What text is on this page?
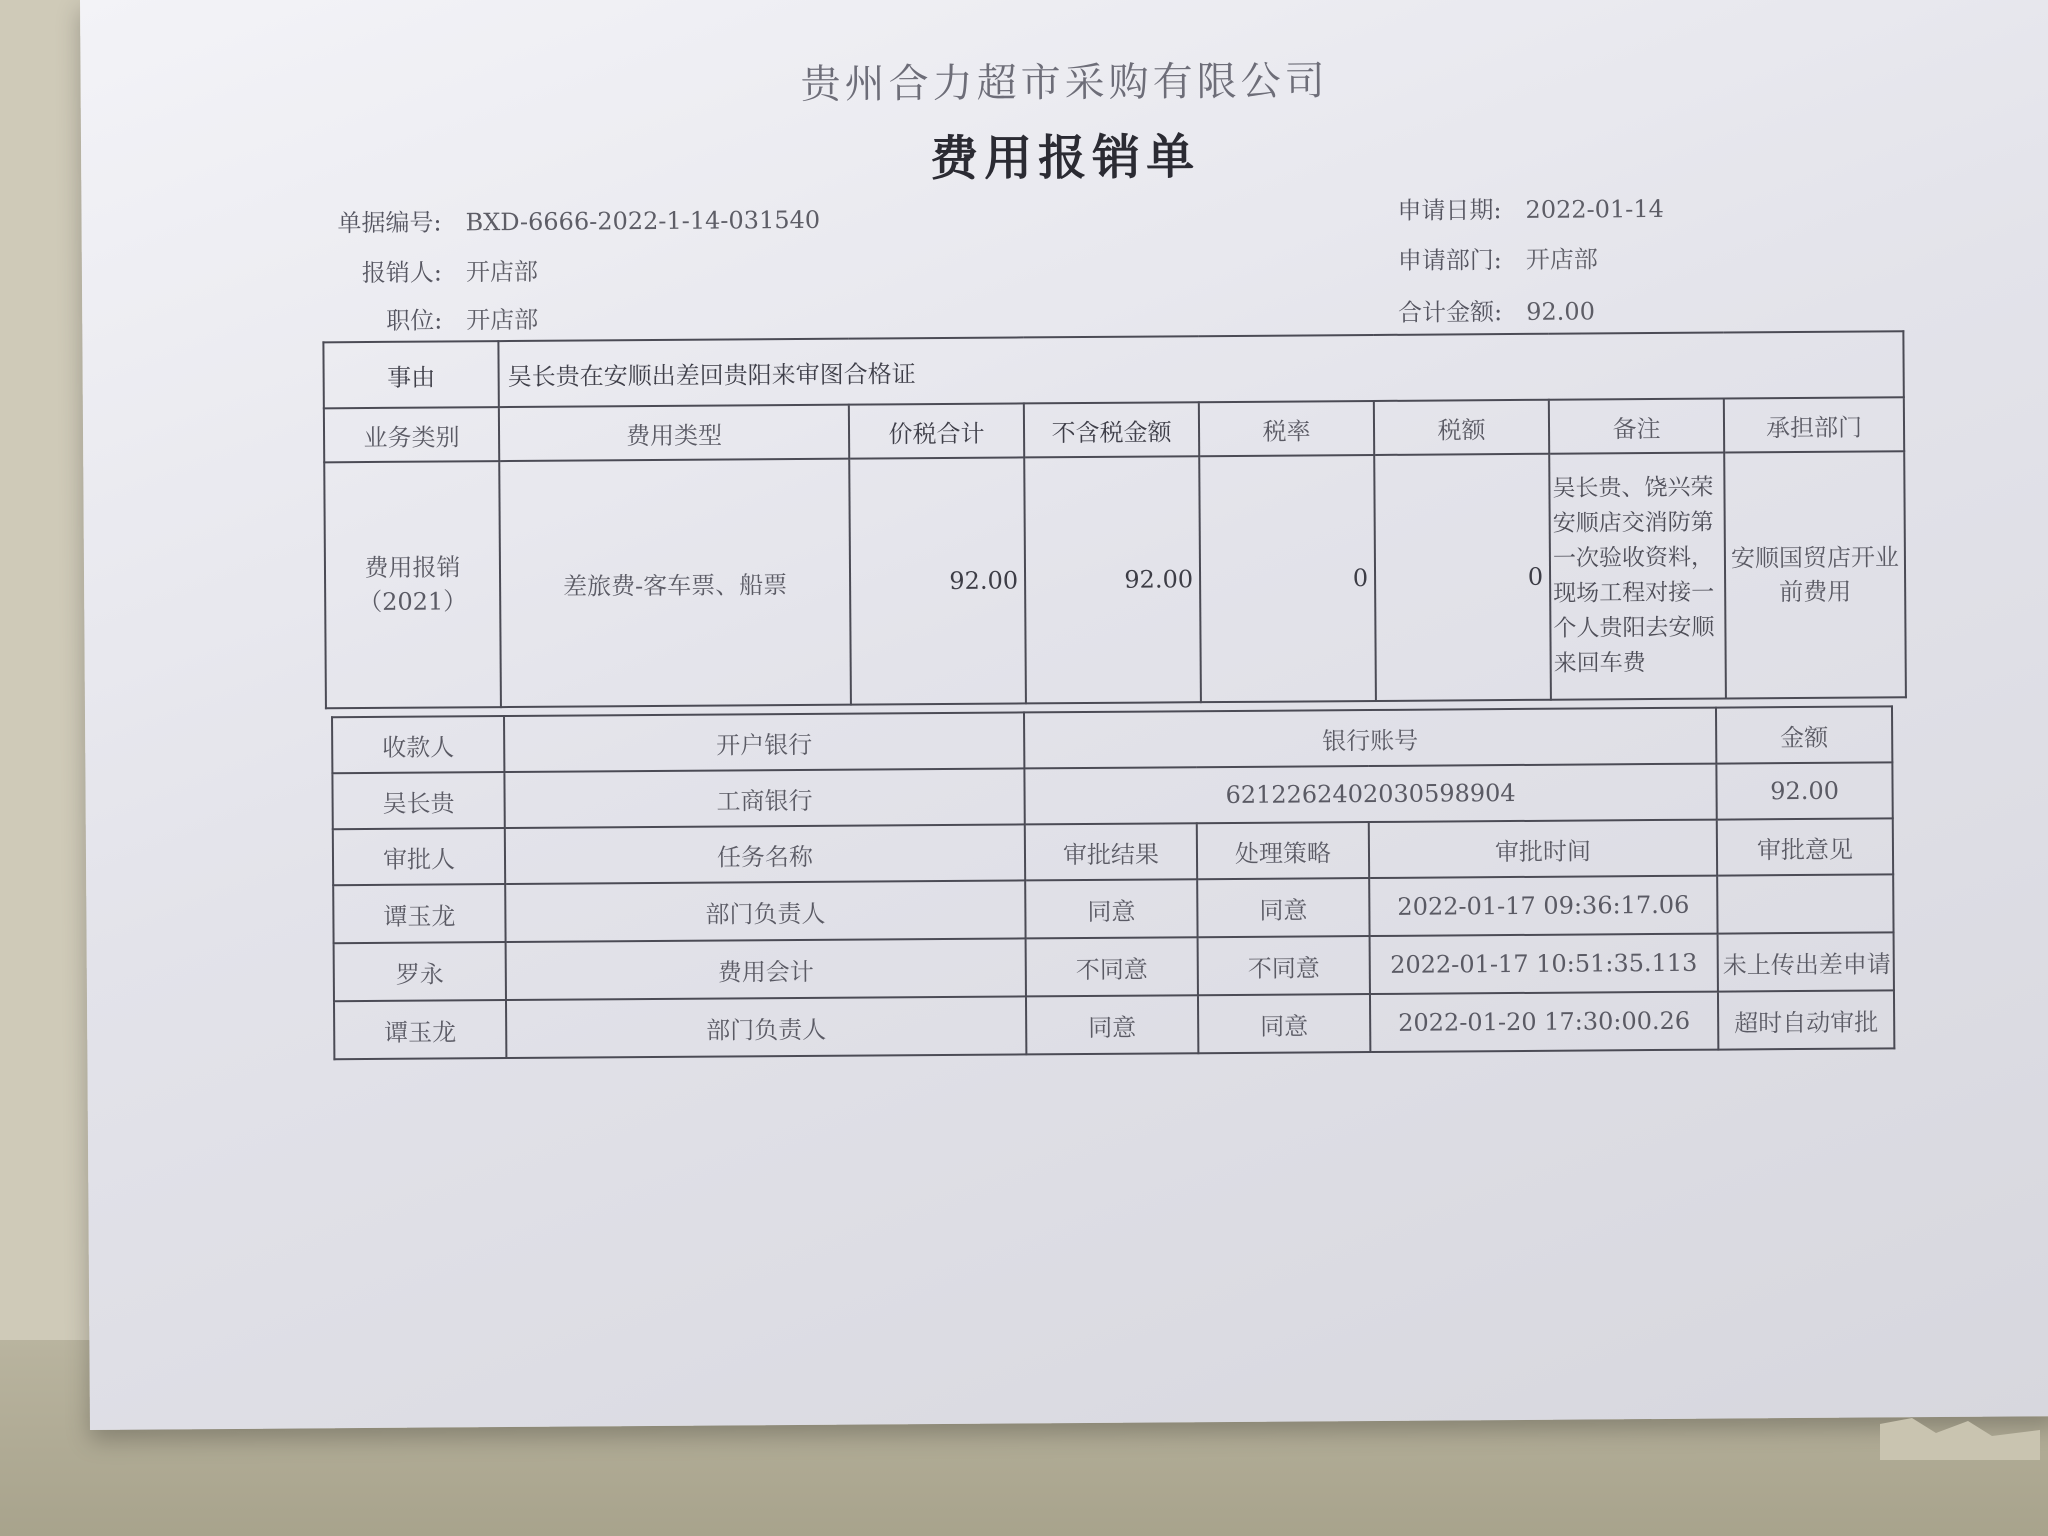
贵州合力超市采购有限公司
费用报销单
单据编号: BXD-6666-2022-1-14-031540
报销人: 开店部
职位: 开店部
申请日期: 2022-01-14
申请部门: 开店部
合计金额: 92.00
事由	吴长贵在安顺出差回贵阳来审图合格证						
业务类别	费用类型	价税合计	不含税金额	税率	税额	备注	承担部门
费用报销（2021）	差旅费-客车票、船票	92.00	92.00	0	0	吴长贵、饶兴荣安顺店交消防第一次验收资料，现场工程对接一个人贵阳去安顺来回车费	安顺国贸店开业前费用
收款人	开户银行	银行账号			金额
吴长贵	工商银行	6212262402030598904			92.00
审批人	任务名称	审批结果	处理策略	审批时间	审批意见
谭玉龙	部门负责人	同意	同意	2022-01-17 09:36:17.06	
罗永	费用会计	不同意	不同意	2022-01-17 10:51:35.113	未上传出差申请
谭玉龙	部门负责人	同意	同意	2022-01-20 17:30:00.26	超时自动审批
